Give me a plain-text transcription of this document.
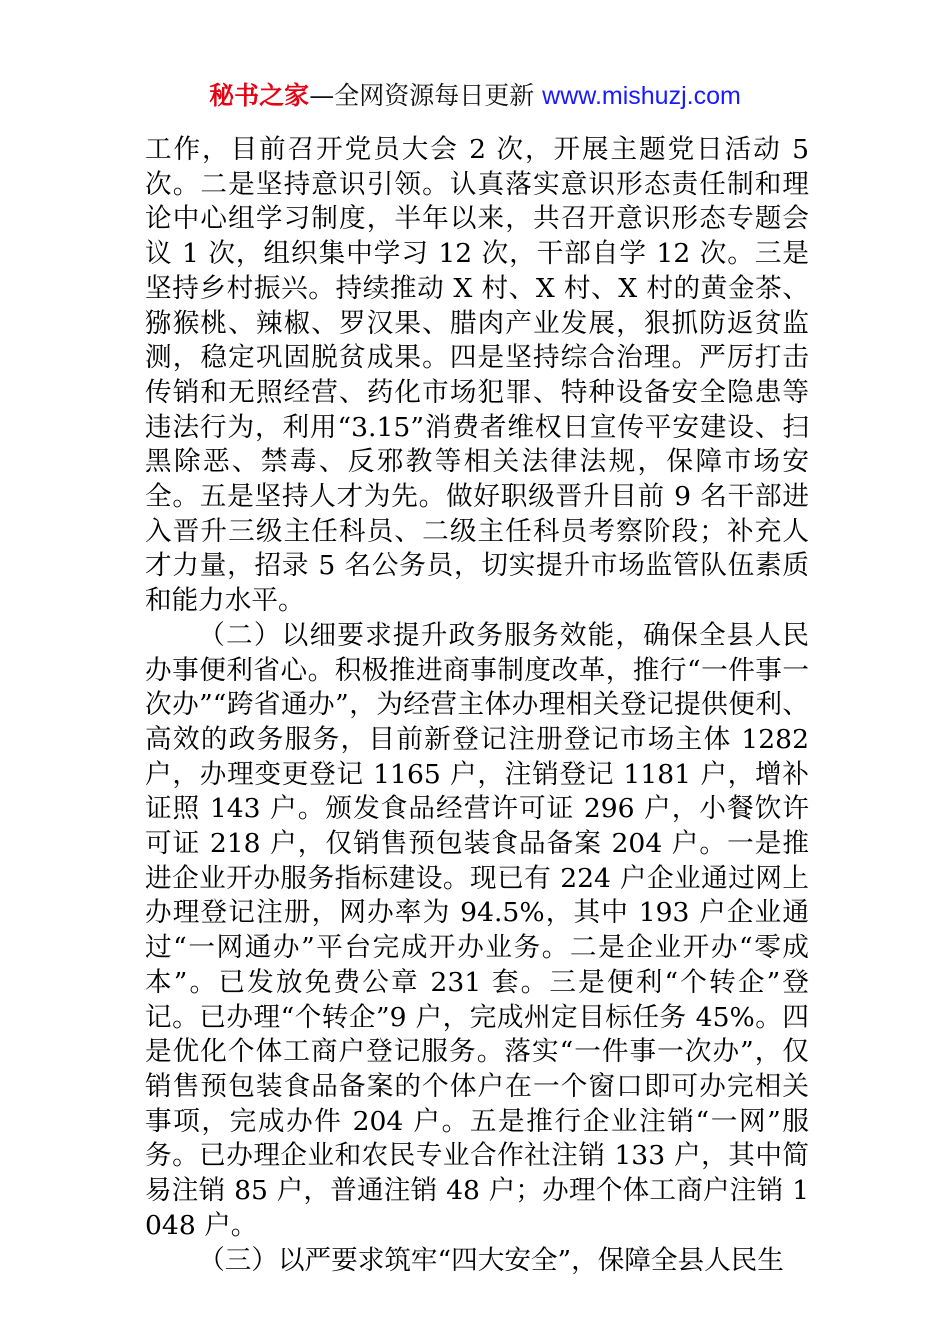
秘书之家—全网资源每日更新 www.mishuzj.com

工作，目前召开党员大会 2 次，开展主题党日活动 5 次。二是坚持意识引领。认真落实意识形态责任制和理论中心组学习制度，半年以来，共召开意识形态专题会议 1 次，组织集中学习 12 次，干部自学 12 次。三是坚持乡村振兴。持续推动 X 村、X 村、X 村的黄金茶、猕猴桃、辣椒、罗汉果、腊肉产业发展，狠抓防返贫监测，稳定巩固脱贫成果。四是坚持综合治理。严厉打击传销和无照经营、药化市场犯罪、特种设备安全隐患等违法行为，利用“3.15”消费者维权日宣传平安建设、扫黑除恶、禁毒、反邪教等相关法律法规，保障市场安全。五是坚持人才为先。做好职级晋升目前 9 名干部进入晋升三级主任科员、二级主任科员考察阶段；补充人才力量，招录 5 名公务员，切实提升市场监管队伍素质和能力水平。

（二）以细要求提升政务服务效能，确保全县人民办事便利省心。积极推进商事制度改革，推行“一件事一次办”“跨省通办”，为经营主体办理相关登记提供便利、高效的政务服务，目前新登记注册登记市场主体 1282 户，办理变更登记 1165 户，注销登记 1181 户，增补证照 143 户。颁发食品经营许可证 296 户，小餐饮许可证 218 户，仅销售预包装食品备案 204 户。一是推进企业开办服务指标建设。现已有 224 户企业通过网上办理登记注册，网办率为 94.5%，其中 193 户企业通过“一网通办”平台完成开办业务。二是企业开办“零成本”。已发放免费公章 231 套。三是便利“个转企”登记。已办理“个转企”9 户，完成州定目标任务 45%。四是优化个体工商户登记服务。落实“一件事一次办”，仅销售预包装食品备案的个体户在一个窗口即可办完相关事项，完成办件 204 户。五是推行企业注销“一网”服务。已办理企业和农民专业合作社注销 133 户，其中简易注销 85 户，普通注销 48 户；办理个体工商户注销 1048 户。

（三）以严要求筑牢“四大安全”，保障全县人民生
